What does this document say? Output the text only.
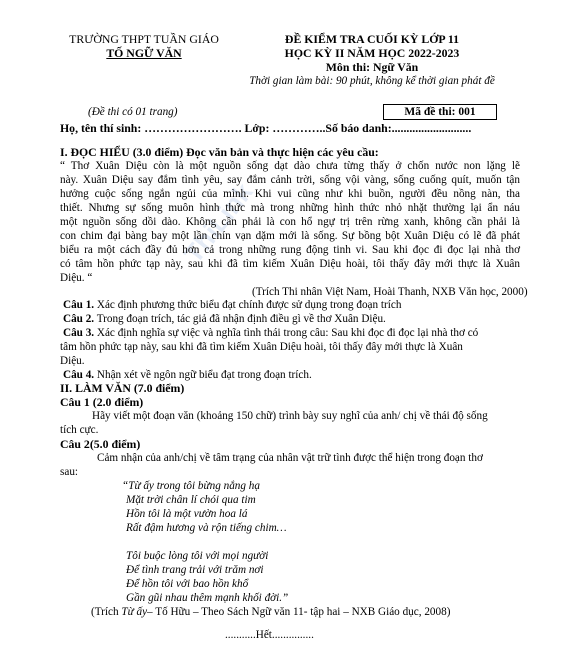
ThiLink
TRƯỜNG THPT TUẦN GIÁO
TỐ NGỮ VĂN
ĐỀ KIỂM TRA CUỐI KỲ LỚP 11
HỌC KỲ II NĂM HỌC 2022-2023
Môn thi: Ngữ Văn
Thời gian làm bài: 90 phút, không kể thời gian phát đề
(Đề thi có 01 trang)	Mã đề thi: 001
Họ, tên thí sinh: ……………………. Lớp: …………..Số báo danh:...........................
I. ĐỌC HIỂU (3.0 điểm) Đọc văn bản và thực hiện các yêu cầu:
“ Thơ Xuân Diệu còn là một nguồn sống dạt dào chưa từng thấy ở chốn nước non lặng lẽ
này. Xuân Diệu say đắm tình yêu, say đắm cảnh trời, sống vội vàng, sống cuống quít, muốn tận
hưởng cuộc sống ngắn ngủi của mình. Khi vui cũng như khi buồn, người đều nồng nàn, tha
thiết. Nhưng sự sống muôn hình thức mà trong những hình thức nhỏ nhặt thường lại ẩn náu
một nguồn sống dồi dào. Không cần phải là con hổ ngự trị trên rừng xanh, không cần phải là
con chim đại bàng bay một lần chín vạn dặm mới là sống. Sự bồng bột Xuân Diệu có lẽ đã phát
biểu ra một cách đầy đủ hơn cả trong những rung động tinh vi. Sau khi đọc đi đọc lại nhà thơ
có tâm hồn phức tạp này, sau khi đã tìm kiếm Xuân Diệu hoài, tôi thấy đây mới thực là Xuân
Diệu. “
(Trích Thi nhân Việt Nam, Hoài Thanh, NXB Văn học, 2000)
Câu 1. Xác định phương thức biểu đạt chính được sử dụng trong đoạn trích
Câu 2. Trong đoạn trích, tác giả đã nhận định điều gì về thơ Xuân Diệu.
Câu 3. Xác định nghĩa sự việc và nghĩa tình thái trong câu: Sau khi đọc đi đọc lại nhà thơ có
tâm hồn phức tạp này, sau khi đã tìm kiếm Xuân Diệu hoài, tôi thấy đây mới thực là Xuân
Diệu.
Câu 4. Nhận xét về ngôn ngữ biểu đạt trong đoạn trích.
II. LÀM VĂN (7.0 điểm)
Câu 1 (2.0 điểm)
Hãy viết một đoạn văn (khoảng 150 chữ) trình bày suy nghĩ của anh/ chị về thái độ sống
tích cực.
Câu 2(5.0 điểm)
Cảm nhận của anh/chị về tâm trạng của nhân vật trữ tình được thể hiện trong đoạn thơ
sau:
“Từ ấy trong tôi bừng nắng hạ
Mặt trời chân lí chói qua tim
Hồn tôi là một vườn hoa lá
Rất đậm hương và rộn tiếng chim…
Tôi buộc lòng tôi với mọi người
Để tình trang trải với trăm nơi
Để hồn tôi với bao hồn khổ
Gần gũi nhau thêm mạnh khối đời.”
(Trích Từ ấy– Tố Hữu – Theo Sách Ngữ văn 11- tập hai – NXB Giáo dục, 2008)
...........Hết...............
